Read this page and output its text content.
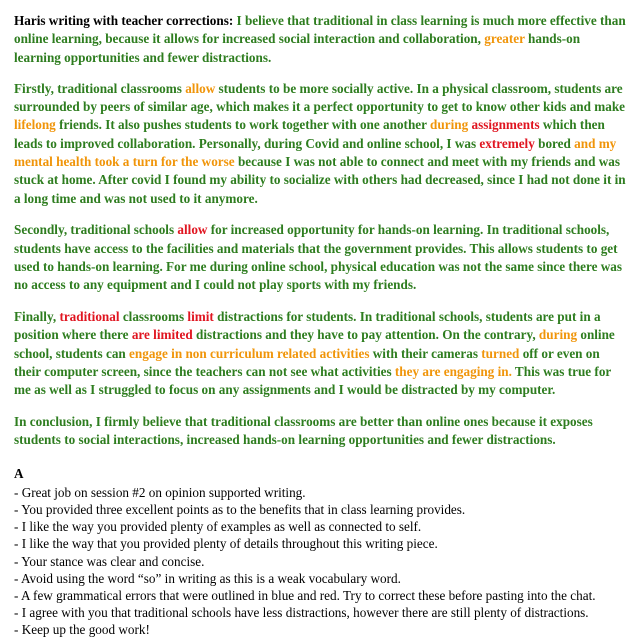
Haris writing with teacher corrections: I believe that traditional in class learning is much more effective than online learning, because it allows for increased social interaction and collaboration, greater hands-on learning opportunities and fewer distractions.

Firstly, traditional classrooms allow students to be more socially active. In a physical classroom, students are surrounded by peers of similar age, which makes it a perfect opportunity to get to know other kids and make lifelong friends. It also pushes students to work together with one another during assignments which then leads to improved collaboration. Personally, during Covid and online school, I was extremely bored and my mental health took a turn for the worse because I was not able to connect and meet with my friends and was stuck at home. After covid I found my ability to socialize with others had decreased, since I had not done it in a long time and was not used to it anymore.

Secondly, traditional schools allow for increased opportunity for hands-on learning. In traditional schools, students have access to the facilities and materials that the government provides. This allows students to get used to hands-on learning. For me during online school, physical education was not the same since there was no access to any equipment and I could not play sports with my friends.

Finally, traditional classrooms limit distractions for students. In traditional schools, students are put in a position where there are limited distractions and they have to pay attention. On the contrary, during online school, students can engage in non curriculum related activities with their cameras turned off or even on their computer screen, since the teachers can not see what activities they are engaging in. This was true for me as well as I struggled to focus on any assignments and I would be distracted by my computer.

In conclusion, I firmly believe that traditional classrooms are better than online ones because it exposes students to social interactions, increased hands-on learning opportunities and fewer distractions.

A
- Great job on session #2 on opinion supported writing.
- You provided three excellent points as to the benefits that in class learning provides.
- I like the way you provided plenty of examples as well as connected to self.
- I like the way that you provided plenty of details throughout this writing piece.
- Your stance was clear and concise.
- Avoid using the word “so” in writing as this is a weak vocabulary word.
- A few grammatical errors that were outlined in blue and red. Try to correct these before pasting into the chat.
- I agree with you that traditional schools have less distractions, however there are still plenty of distractions.
- Keep up the good work!
